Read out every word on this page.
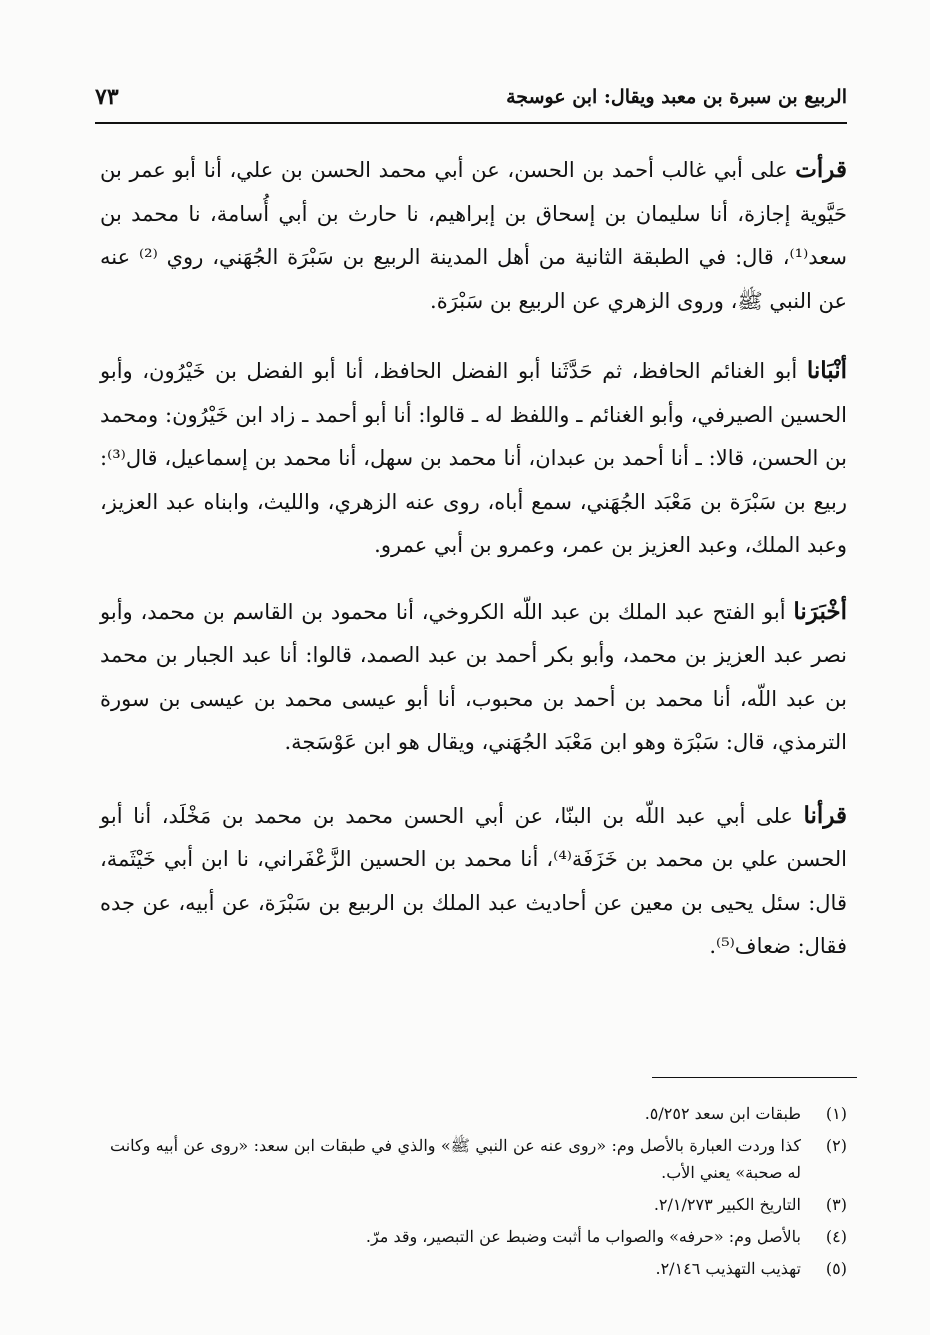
الربيع بن سبرة بن معبد ويقال: ابن عوسجة
٧٣

قرأت على أبي غالب أحمد بن الحسن، عن أبي محمد الحسن بن علي، أنا أبو عمر بن حَيَّوية إجازة، أنا سليمان بن إسحاق بن إبراهيم، نا حارث بن أبي أُسامة، نا محمد بن سعد⁽¹⁾، قال: في الطبقة الثانية من أهل المدينة الربيع بن سَبْرَة الجُهَني، روي ⁽²⁾ عنه عن النبي ﷺ، وروى الزهري عن الربيع بن سَبْرَة.

أنْبَانا أبو الغنائم الحافظ، ثم حَدَّثَنا أبو الفضل الحافظ، أنا أبو الفضل بن خَيْرُون، وأبو الحسين الصيرفي، وأبو الغنائم ـ واللفظ له ـ قالوا: أنا أبو أحمد ـ زاد ابن خَيْرُون: ومحمد بن الحسن، قالا: ـ أنا أحمد بن عبدان، أنا محمد بن سهل، أنا محمد بن إسماعيل، قال⁽³⁾: ربيع بن سَبْرَة بن مَعْبَد الجُهَني، سمع أباه، روى عنه الزهري، والليث، وابناه عبد العزيز، وعبد الملك، وعبد العزيز بن عمر، وعمرو بن أبي عمرو.

أخْبَرَنا أبو الفتح عبد الملك بن عبد اللّه الكروخي، أنا محمود بن القاسم بن محمد، وأبو نصر عبد العزيز بن محمد، وأبو بكر أحمد بن عبد الصمد، قالوا: أنا عبد الجبار بن محمد بن عبد اللّه، أنا محمد بن أحمد بن محبوب، أنا أبو عيسى محمد بن عيسى بن سورة الترمذي، قال: سَبْرَة وهو ابن مَعْبَد الجُهَني، ويقال هو ابن عَوْسَجة.

قرأنا على أبي عبد اللّه بن البنّا، عن أبي الحسن محمد بن محمد بن مَخْلَد، أنا أبو الحسن علي بن محمد بن خَزَفَة⁽⁴⁾، أنا محمد بن الحسين الزَّعْفَراني، نا ابن أبي خَيْثَمة، قال: سئل يحيى بن معين عن أحاديث عبد الملك بن الربيع بن سَبْرَة، عن أبيه، عن جده فقال: ضعاف⁽⁵⁾.

(١)
طبقات ابن سعد ٥/٢٥٢.
(٢)
كذا وردت العبارة بالأصل وم: «روى عنه عن النبي ﷺ» والذي في طبقات ابن سعد: «روى عن أبيه وكانت له صحبة» يعني الأب.
(٣)
التاريخ الكبير ٢/١/٢٧٣.
(٤)
بالأصل وم: «حرفه» والصواب ما أثبت وضبط عن التبصير، وقد مرّ.
(٥)
تهذيب التهذيب ٢/١٤٦.
